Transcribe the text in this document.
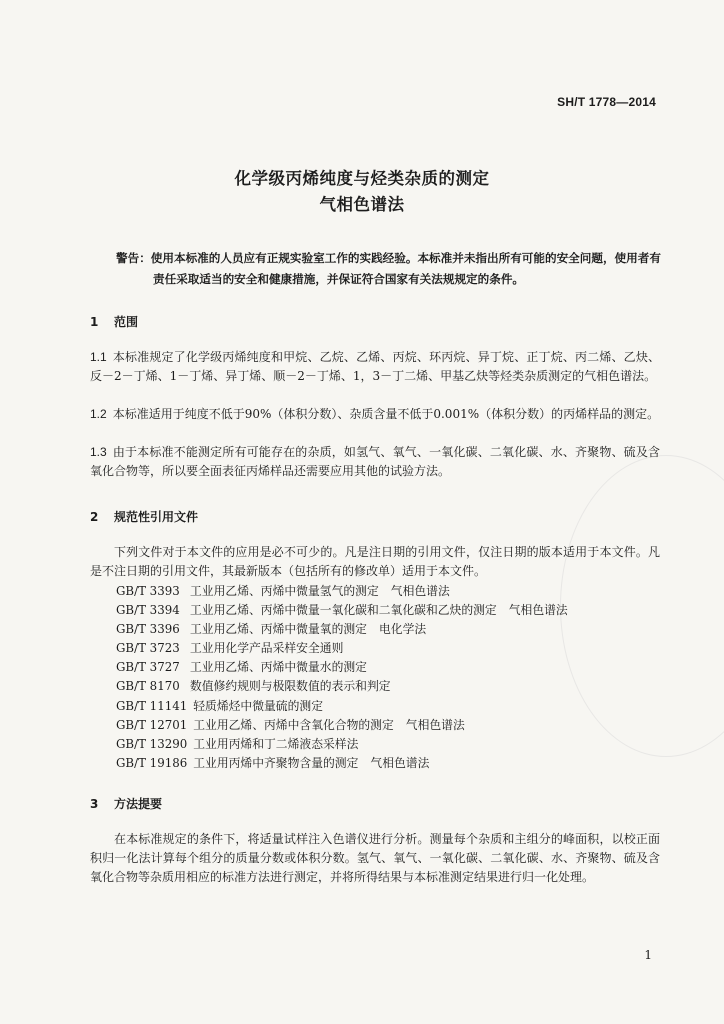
SH/T 1778—2014
化学级丙烯纯度与烃类杂质的测定
气相色谱法
警告：使用本标准的人员应有正规实验室工作的实践经验。本标准并未指出所有可能的安全问题，使用者有责任采取适当的安全和健康措施，并保证符合国家有关法规规定的条件。
1 范围
1.1 本标准规定了化学级丙烯纯度和甲烷、乙烷、乙烯、丙烷、环丙烷、异丁烷、正丁烷、丙二烯、乙炔、反－2－丁烯、1－丁烯、异丁烯、顺－2－丁烯、1，3－丁二烯、甲基乙炔等烃类杂质测定的气相色谱法。
1.2 本标准适用于纯度不低于90%（体积分数）、杂质含量不低于0.001%（体积分数）的丙烯样品的测定。
1.3 由于本标准不能测定所有可能存在的杂质，如氢气、氧气、一氧化碳、二氧化碳、水、齐聚物、硫及含氧化合物等，所以要全面表征丙烯样品还需要应用其他的试验方法。
2 规范性引用文件
下列文件对于本文件的应用是必不可少的。凡是注日期的引用文件，仅注日期的版本适用于本文件。凡是不注日期的引用文件，其最新版本（包括所有的修改单）适用于本文件。
GB/T 3393 工业用乙烯、丙烯中微量氢气的测定 气相色谱法
GB/T 3394 工业用乙烯、丙烯中微量一氧化碳和二氧化碳和乙炔的测定 气相色谱法
GB/T 3396 工业用乙烯、丙烯中微量氧的测定 电化学法
GB/T 3723 工业用化学产品采样安全通则
GB/T 3727 工业用乙烯、丙烯中微量水的测定
GB/T 8170 数值修约规则与极限数值的表示和判定
GB/T 11141 轻质烯烃中微量硫的测定
GB/T 12701 工业用乙烯、丙烯中含氧化合物的测定 气相色谱法
GB/T 13290 工业用丙烯和丁二烯液态采样法
GB/T 19186 工业用丙烯中齐聚物含量的测定 气相色谱法
3 方法提要
在本标准规定的条件下，将适量试样注入色谱仪进行分析。测量每个杂质和主组分的峰面积，以校正面积归一化法计算每个组分的质量分数或体积分数。氢气、氧气、一氧化碳、二氧化碳、水、齐聚物、硫及含氧化合物等杂质用相应的标准方法进行测定，并将所得结果与本标准测定结果进行归一化处理。
1
